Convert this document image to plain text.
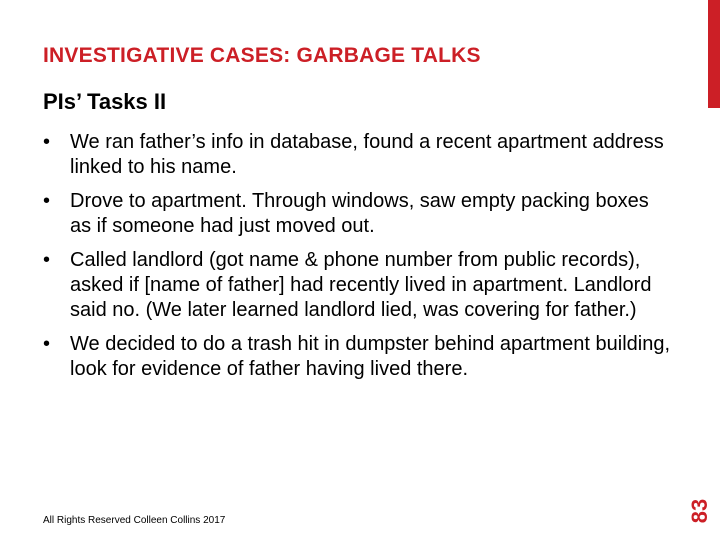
INVESTIGATIVE CASES: GARBAGE TALKS
PIs’ Tasks II
• We ran father’s info in database, found a recent apartment address linked to his name.
• Drove to apartment. Through windows, saw empty packing boxes as if someone had just moved out.
• Called landlord (got name & phone number from public records), asked if [name of father] had recently lived in apartment. Landlord said no. (We later learned landlord lied, was covering for father.)
• We decided to do a trash hit in dumpster behind apartment building, look for evidence of father having lived there.

All Rights Reserved Colleen Collins 2017	83
